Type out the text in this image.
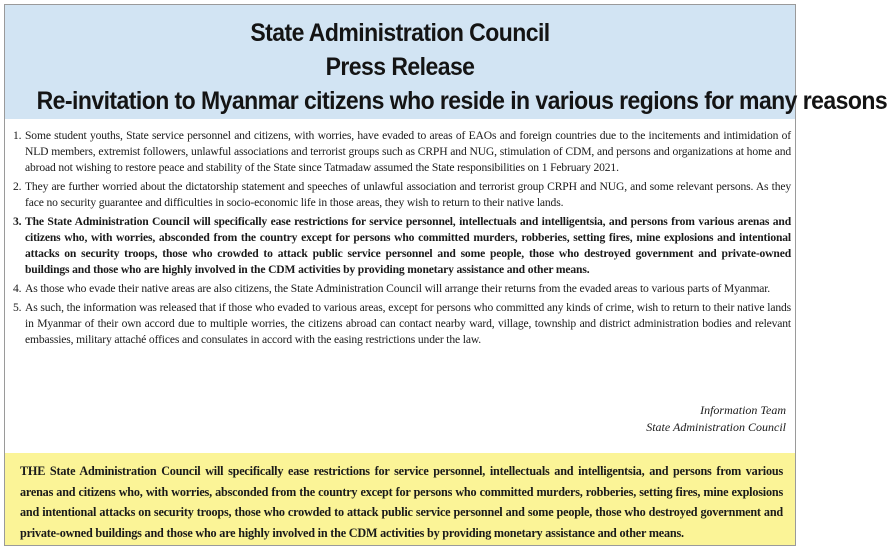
State Administration Council
Press Release
Re-invitation to Myanmar citizens who reside in various regions for many reasons
1. Some student youths, State service personnel and citizens, with worries, have evaded to areas of EAOs and foreign countries due to the incitements and intimidation of NLD members, extremist followers, unlawful associations and terrorist groups such as CRPH and NUG, stimulation of CDM, and persons and organizations at home and abroad not wishing to restore peace and stability of the State since Tatmadaw assumed the State responsibilities on 1 February 2021.
2. They are further worried about the dictatorship statement and speeches of unlawful association and terrorist group CRPH and NUG, and some relevant persons. As they face no security guarantee and difficulties in socio-economic life in those areas, they wish to return to their native lands.
3. The State Administration Council will specifically ease restrictions for service personnel, intellectuals and intelligentsia, and persons from various arenas and citizens who, with worries, absconded from the country except for persons who committed murders, robberies, setting fires, mine explosions and intentional attacks on security troops, those who crowded to attack public service personnel and some people, those who destroyed government and private-owned buildings and those who are highly involved in the CDM activities by providing monetary assistance and other means.
4. As those who evade their native areas are also citizens, the State Administration Council will arrange their returns from the evaded areas to various parts of Myanmar.
5. As such, the information was released that if those who evaded to various areas, except for persons who committed any kinds of crime, wish to return to their native lands in Myanmar of their own accord due to multiple worries, the citizens abroad can contact nearby ward, village, township and district administration bodies and relevant embassies, military attaché offices and consulates in accord with the easing restrictions under the law.
Information Team
State Administration Council
THE State Administration Council will specifically ease restrictions for service personnel, intellectuals and intelligentsia, and persons from various arenas and citizens who, with worries, absconded from the country except for persons who committed murders, robberies, setting fires, mine explosions and intentional attacks on security troops, those who crowded to attack public service personnel and some people, those who destroyed government and private-owned buildings and those who are highly involved in the CDM activities by providing monetary assistance and other means.
